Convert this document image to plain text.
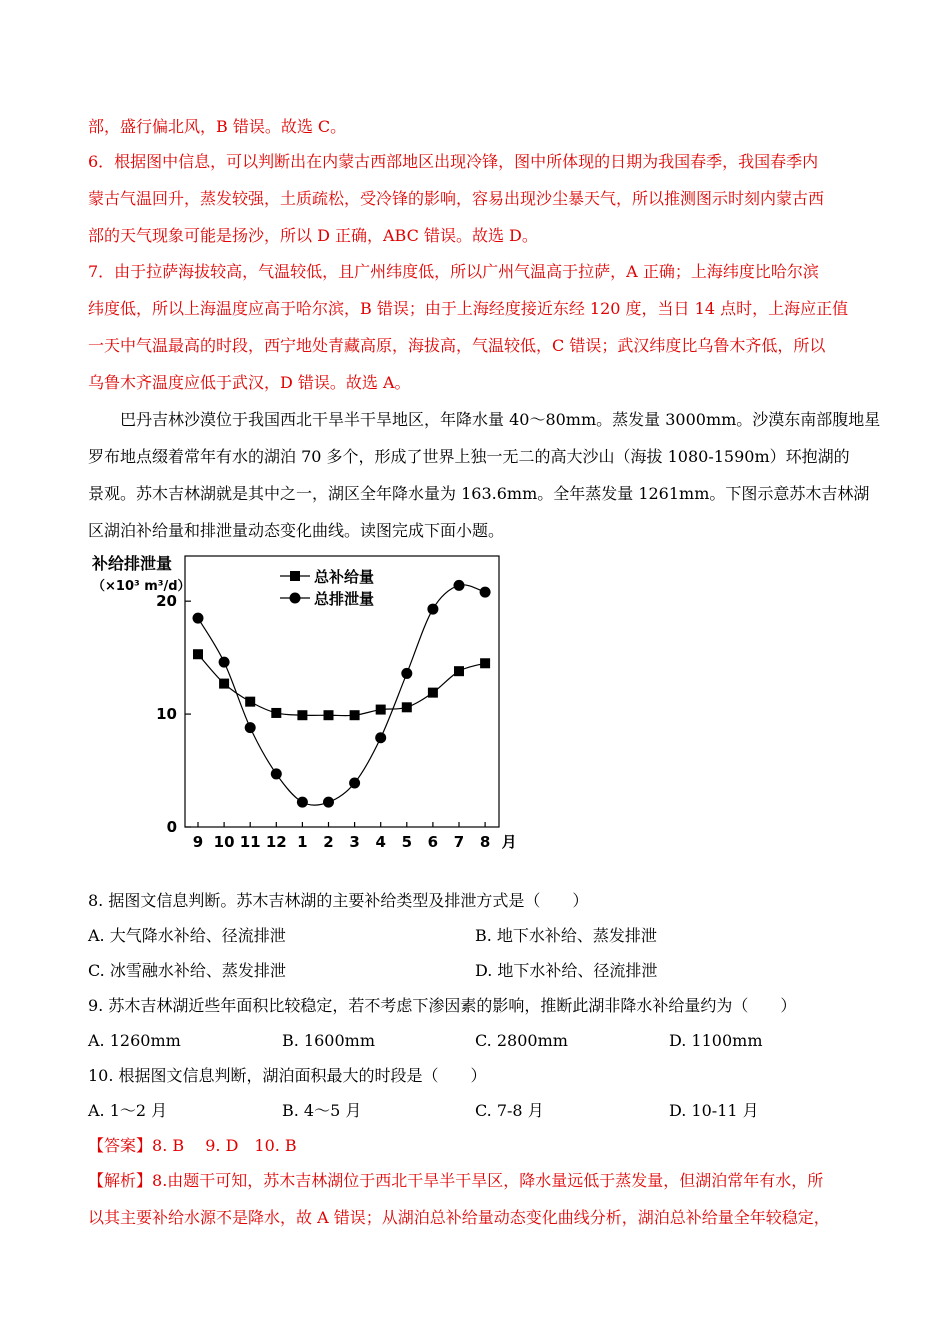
部，盛行偏北风，B 错误。故选 C。
6．根据图中信息，可以判断出在内蒙古西部地区出现冷锋，图中所体现的日期为我国春季，我国春季内
蒙古气温回升，蒸发较强，土质疏松，受冷锋的影响，容易出现沙尘暴天气，所以推测图示时刻内蒙古西
部的天气现象可能是扬沙，所以 D 正确，ABC 错误。故选 D。
7．由于拉萨海拔较高，气温较低，且广州纬度低，所以广州气温高于拉萨，A 正确；上海纬度比哈尔滨
纬度低，所以上海温度应高于哈尔滨，B 错误；由于上海经度接近东经 120 度，当日 14 点时，上海应正值
一天中气温最高的时段，西宁地处青藏高原，海拔高，气温较低，C 错误；武汉纬度比乌鲁木齐低，所以
乌鲁木齐温度应低于武汉，D 错误。故选 A。
巴丹吉林沙漠位于我国西北干旱半干旱地区，年降水量 40～80mm。蒸发量 3000mm。沙漠东南部腹地星
罗布地点缀着常年有水的湖泊 70 多个，形成了世界上独一无二的高大沙山（海拔 1080-1590m）环抱湖的
景观。苏木吉林湖就是其中之一，湖区全年降水量为 163.6mm。全年蒸发量 1261mm。下图示意苏木吉林湖
区湖泊补给量和排泄量动态变化曲线。读图完成下面小题。
补给排泄量
（×10³ m³/d）
0
10
20
9 10 11 12 1 2 3 4 5 6 7 8 月
总补给量
总排泄量
8. 据图文信息判断。苏木吉林湖的主要补给类型及排泄方式是（　　）
A. 大气降水补给、径流排泄	B. 地下水补给、蒸发排泄
C. 冰雪融水补给、蒸发排泄	D. 地下水补给、径流排泄
9. 苏木吉林湖近些年面积比较稳定，若不考虑下渗因素的影响，推断此湖非降水补给量约为（　　）
A. 1260mm	B. 1600mm	C. 2800mm	D. 1100mm
10. 根据图文信息判断，湖泊面积最大的时段是（　　）
A. 1～2 月	B. 4～5 月	C. 7-8 月	D. 10-11 月
【答案】8. B　 9. D　10. B
【解析】8.由题干可知，苏木吉林湖位于西北干旱半干旱区，降水量远低于蒸发量，但湖泊常年有水，所
以其主要补给水源不是降水，故 A 错误；从湖泊总补给量动态变化曲线分析，湖泊总补给量全年较稳定，
